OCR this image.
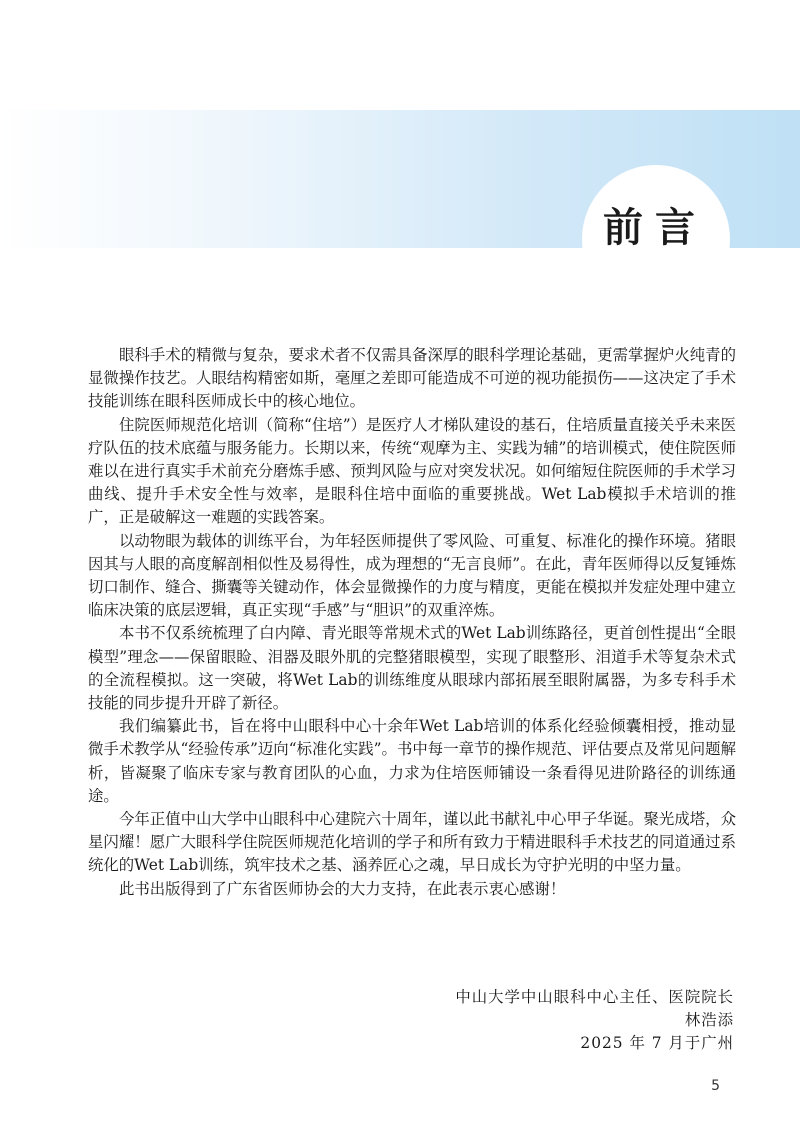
前言

眼科手术的精微与复杂，要求术者不仅需具备深厚的眼科学理论基础，更需掌握炉火纯青的显微操作技艺。人眼结构精密如斯，毫厘之差即可能造成不可逆的视功能损伤——这决定了手术技能训练在眼科医师成长中的核心地位。

住院医师规范化培训（简称“住培”）是医疗人才梯队建设的基石，住培质量直接关乎未来医疗队伍的技术底蕴与服务能力。长期以来，传统“观摩为主、实践为辅”的培训模式，使住院医师难以在进行真实手术前充分磨炼手感、预判风险与应对突发状况。如何缩短住院医师的手术学习曲线、提升手术安全性与效率，是眼科住培中面临的重要挑战。Wet Lab模拟手术培训的推广，正是破解这一难题的实践答案。

以动物眼为载体的训练平台，为年轻医师提供了零风险、可重复、标准化的操作环境。猪眼因其与人眼的高度解剖相似性及易得性，成为理想的“无言良师”。在此，青年医师得以反复锤炼切口制作、缝合、撕囊等关键动作，体会显微操作的力度与精度，更能在模拟并发症处理中建立临床决策的底层逻辑，真正实现“手感”与“胆识”的双重淬炼。

本书不仅系统梳理了白内障、青光眼等常规术式的Wet Lab训练路径，更首创性提出“全眼模型”理念——保留眼睑、泪器及眼外肌的完整猪眼模型，实现了眼整形、泪道手术等复杂术式的全流程模拟。这一突破，将Wet Lab的训练维度从眼球内部拓展至眼附属器，为多专科手术技能的同步提升开辟了新径。

我们编纂此书，旨在将中山眼科中心十余年Wet Lab培训的体系化经验倾囊相授，推动显微手术教学从“经验传承”迈向“标准化实践”。书中每一章节的操作规范、评估要点及常见问题解析，皆凝聚了临床专家与教育团队的心血，力求为住培医师铺设一条看得见进阶路径的训练通途。

今年正值中山大学中山眼科中心建院六十周年，谨以此书献礼中心甲子华诞。聚光成塔，众星闪耀！愿广大眼科学住院医师规范化培训的学子和所有致力于精进眼科手术技艺的同道通过系统化的Wet Lab训练，筑牢技术之基、涵养匠心之魂，早日成长为守护光明的中坚力量。

此书出版得到了广东省医师协会的大力支持，在此表示衷心感谢！

中山大学中山眼科中心主任、医院院长
林浩添
2025 年 7 月于广州
5
